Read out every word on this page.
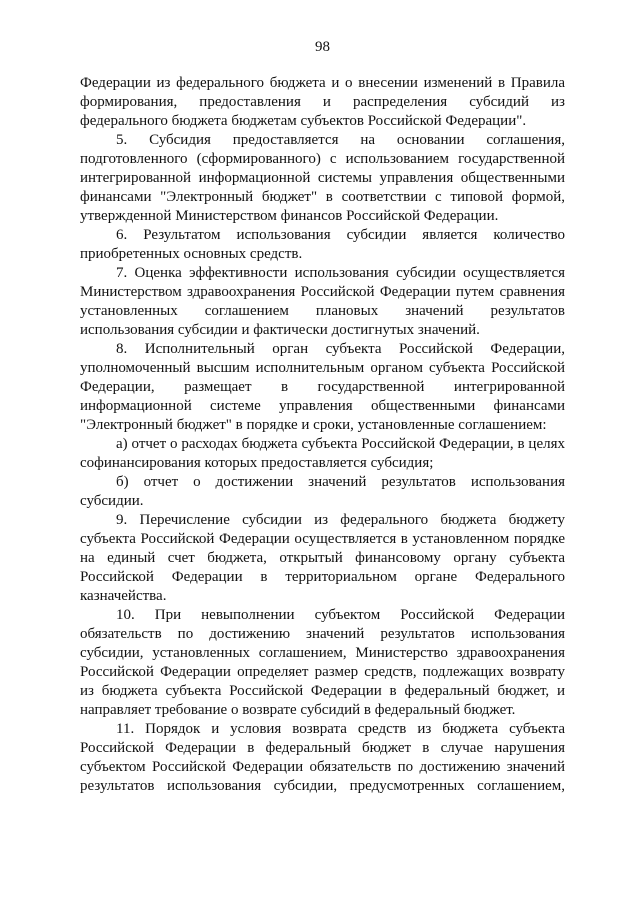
98

Федерации из федерального бюджета и о внесении изменений в Правила формирования, предоставления и распределения субсидий из федерального бюджета бюджетам субъектов Российской Федерации".

5. Субсидия предоставляется на основании соглашения, подготовленного (сформированного) с использованием государственной интегрированной информационной системы управления общественными финансами "Электронный бюджет" в соответствии с типовой формой, утвержденной Министерством финансов Российской Федерации.

6. Результатом использования субсидии является количество приобретенных основных средств.

7. Оценка эффективности использования субсидии осуществляется Министерством здравоохранения Российской Федерации путем сравнения установленных соглашением плановых значений результатов использования субсидии и фактически достигнутых значений.

8. Исполнительный орган субъекта Российской Федерации, уполномоченный высшим исполнительным органом субъекта Российской Федерации, размещает в государственной интегрированной информационной системе управления общественными финансами "Электронный бюджет" в порядке и сроки, установленные соглашением:

а) отчет о расходах бюджета субъекта Российской Федерации, в целях софинансирования которых предоставляется субсидия;

б) отчет о достижении значений результатов использования субсидии.

9. Перечисление субсидии из федерального бюджета бюджету субъекта Российской Федерации осуществляется в установленном порядке на единый счет бюджета, открытый финансовому органу субъекта Российской Федерации в территориальном органе Федерального казначейства.

10. При невыполнении субъектом Российской Федерации обязательств по достижению значений результатов использования субсидии, установленных соглашением, Министерство здравоохранения Российской Федерации определяет размер средств, подлежащих возврату из бюджета субъекта Российской Федерации в федеральный бюджет, и направляет требование о возврате субсидий в федеральный бюджет.

11. Порядок и условия возврата средств из бюджета субъекта Российской Федерации в федеральный бюджет в случае нарушения субъектом Российской Федерации обязательств по достижению значений результатов использования субсидии, предусмотренных соглашением,
